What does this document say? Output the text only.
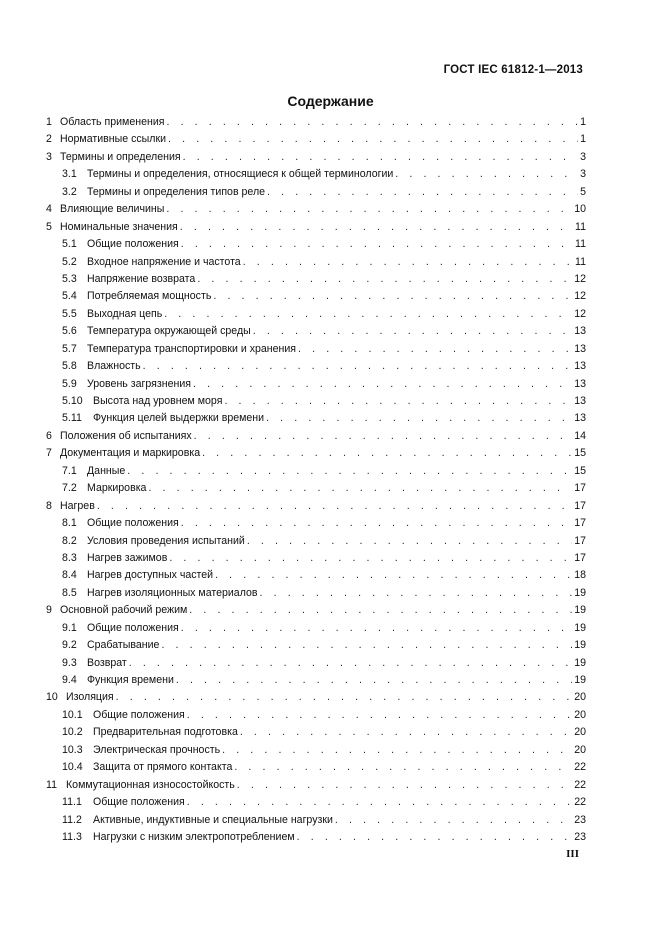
ГОСТ IEC 61812-1—2013
Содержание
1 Область применения . . .	1
2 Нормативные ссылки . . .	1
3 Термины и определения . . .	3
3.1 Термины и определения, относящиеся к общей терминологии . . .	3
3.2 Термины и определения типов реле . . .	5
4 Влияющие величины . . .	10
5 Номинальные значения . . .	11
5.1 Общие положения . . .	11
5.2 Входное напряжение и частота . . .	11
5.3 Напряжение возврата . . .	12
5.4 Потребляемая мощность . . .	12
5.5 Выходная цепь . . .	12
5.6 Температура окружающей среды . . .	13
5.7 Температура транспортировки и хранения . . .	13
5.8 Влажность . . .	13
5.9 Уровень загрязнения . . .	13
5.10 Высота над уровнем моря . . .	13
5.11	Функция целей выдержки времени . . .	13
6 Положения об испытаниях . . .	14
7 Документация и маркировка . . .	15
7.1 Данные . . .	15
7.2 Маркировка . . .	17
8 Нагрев . . .	17
8.1 Общие положения . . .	17
8.2 Условия проведения испытаний . . .	17
8.3 Нагрев зажимов . . .	17
8.4 Нагрев доступных частей . . .	18
8.5 Нагрев изоляционных материалов . . .	19
9 Основной рабочий режим . . .	19
9.1 Общие положения . . .	19
9.2 Срабатывание . . .	19
9.3 Возврат . . .	19
9.4 Функция времени . . .	19
10 Изоляция . . .	20
10.1 Общие положения . . .	20
10.2 Предварительная подготовка . . .	20
10.3 Электрическая прочность . . .	20
10.4 Защита от прямого контакта . . .	22
11 Коммутационная износостойкость . . .	22
11.1	Общие положения . . .	22
11.2	Активные, индуктивные и специальные нагрузки . . .	23
11.3	Нагрузки с низким электропотреблением . . .	23
III
